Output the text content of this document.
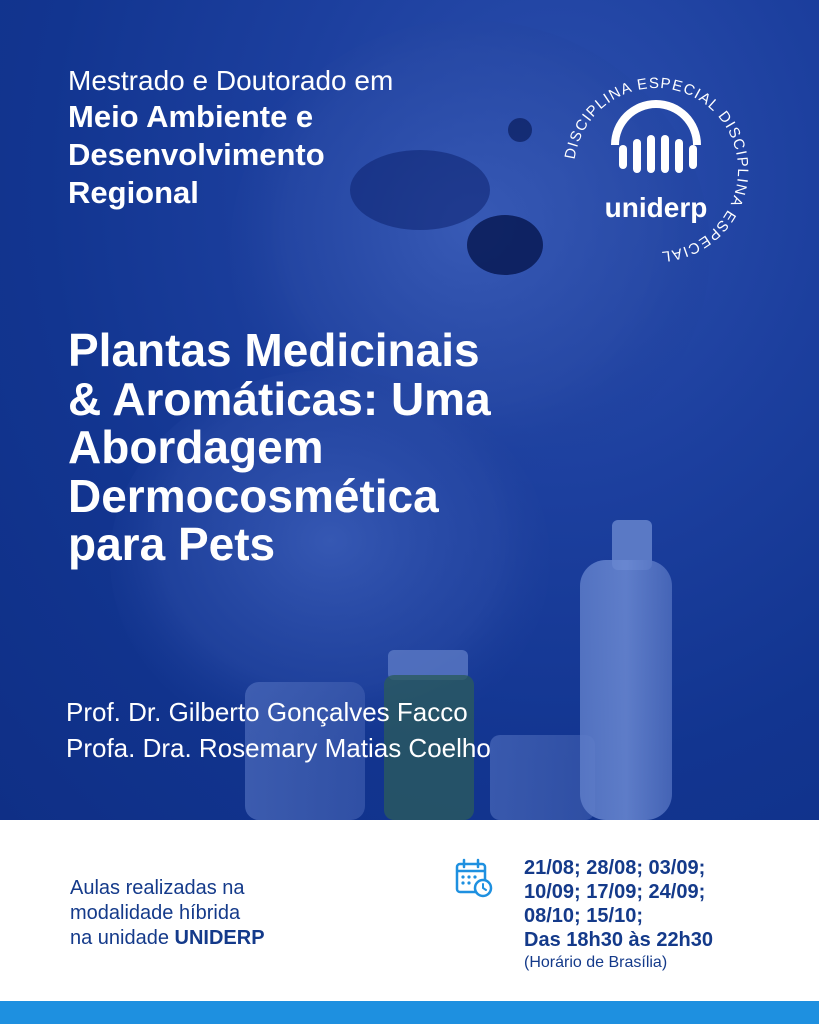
Mestrado e Doutorado em
Meio Ambiente e
Desenvolvimento
Regional
DISCIPLINA ESPECIAL DISCIPLINA ESPECIAL
uniderp
Plantas Medicinais
& Aromáticas: Uma
Abordagem
Dermocosmética
para Pets
Prof. Dr. Gilberto Gonçalves Facco
Profa. Dra. Rosemary Matias Coelho
Aulas realizadas na
modalidade híbrida
na unidade UNIDERP
21/08; 28/08; 03/09;
10/09; 17/09; 24/09;
08/10; 15/10;
Das 18h30 às 22h30
(Horário de Brasília)
